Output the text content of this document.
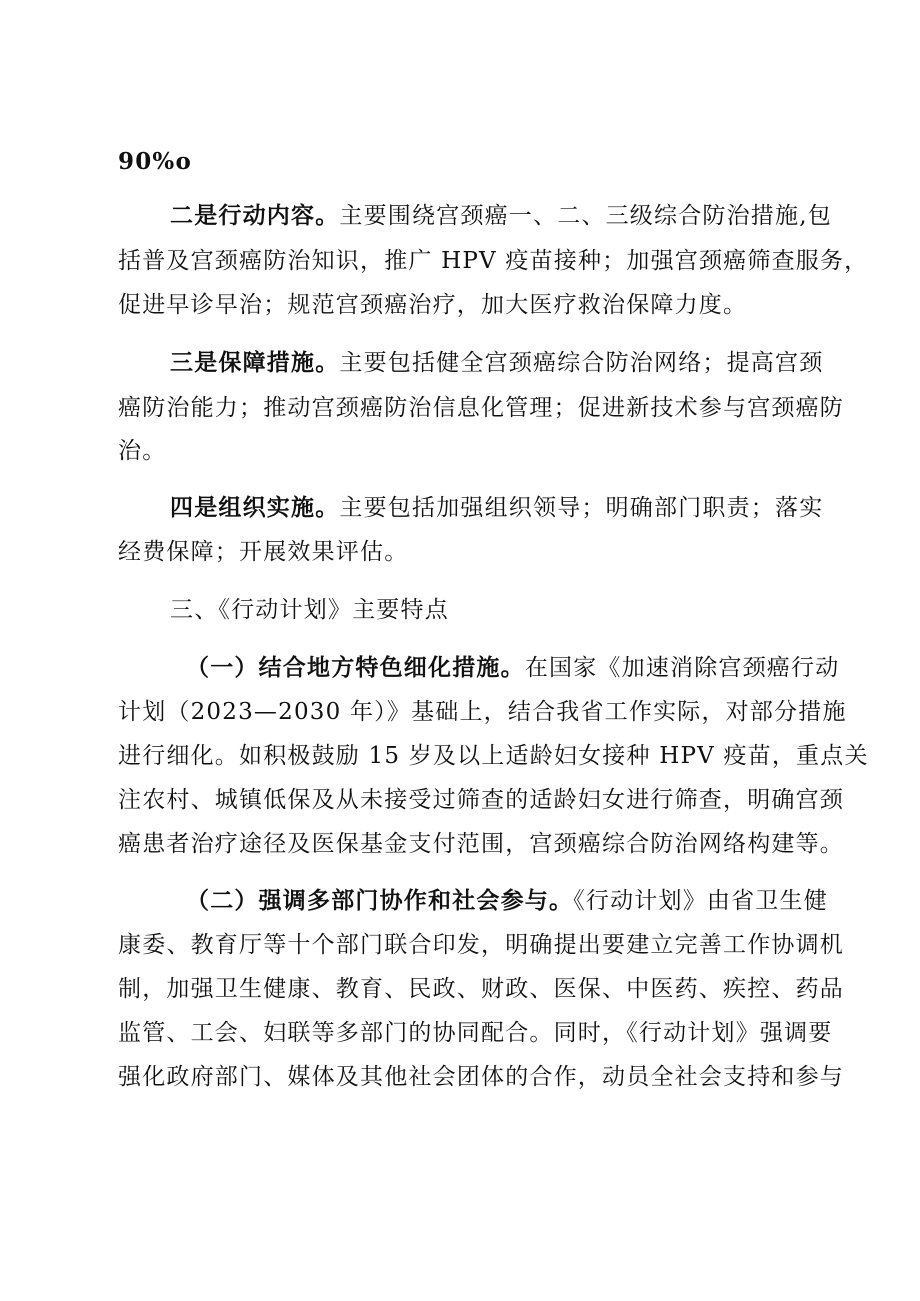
90%o
二是行动内容。主要围绕宫颈癌一、二、三级综合防治措施,包
括普及宫颈癌防治知识，推广 HPV 疫苗接种；加强宫颈癌筛查服务，
促进早诊早治；规范宫颈癌治疗，加大医疗救治保障力度。
三是保障措施。主要包括健全宫颈癌综合防治网络；提高宫颈
癌防治能力；推动宫颈癌防治信息化管理；促进新技术参与宫颈癌防
治。
四是组织实施。主要包括加强组织领导；明确部门职责；落实
经费保障；开展效果评估。
三、《行动计划》主要特点
（一）结合地方特色细化措施。在国家《加速消除宫颈癌行动
计划（2023—2030 年）》基础上，结合我省工作实际，对部分措施
进行细化。如积极鼓励 15 岁及以上适龄妇女接种 HPV 疫苗，重点关
注农村、城镇低保及从未接受过筛查的适龄妇女进行筛查，明确宫颈
癌患者治疗途径及医保基金支付范围，宫颈癌综合防治网络构建等。
（二）强调多部门协作和社会参与。《行动计划》由省卫生健
康委、教育厅等十个部门联合印发，明确提出要建立完善工作协调机
制，加强卫生健康、教育、民政、财政、医保、中医药、疾控、药品
监管、工会、妇联等多部门的协同配合。同时，《行动计划》强调要
强化政府部门、媒体及其他社会团体的合作，动员全社会支持和参与
